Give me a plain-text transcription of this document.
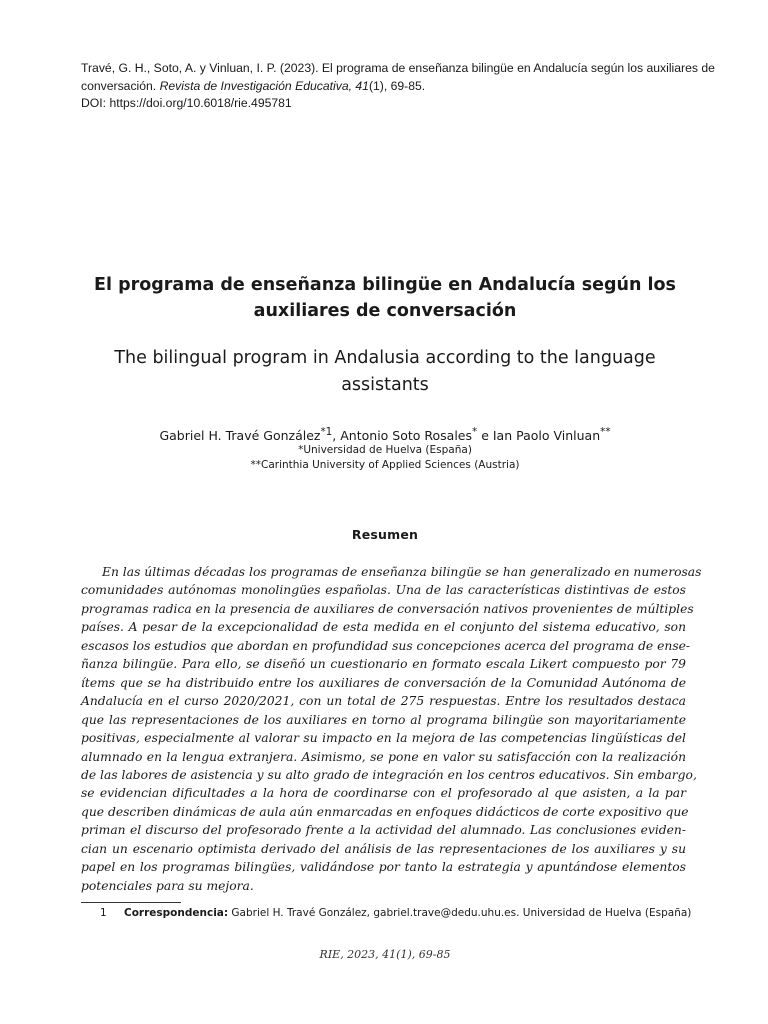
Travé, G. H., Soto, A. y Vinluan, I. P. (2023). El programa de enseñanza bilingüe en Andalucía según los auxiliares de
conversación. Revista de Investigación Educativa, 41(1), 69-85.
DOI: https://doi.org/10.6018/rie.495781
El programa de enseñanza bilingüe en Andalucía según los
auxiliares de conversación
The bilingual program in Andalusia according to the language
assistants
Gabriel H. Travé González$^{*1}$, Antonio Soto Rosales* e Ian Paolo Vinluan**
*Universidad de Huelva (España)
**Carinthia University of Applied Sciences (Austria)
Resumen
En las últimas décadas los programas de enseñanza bilingüe se han generalizado en numerosas
comunidades autónomas monolingües españolas. Una de las características distintivas de estos
programas radica en la presencia de auxiliares de conversación nativos provenientes de múltiples
países. A pesar de la excepcionalidad de esta medida en el conjunto del sistema educativo, son
escasos los estudios que abordan en profundidad sus concepciones acerca del programa de ense-
ñanza bilingüe. Para ello, se diseñó un cuestionario en formato escala Likert compuesto por 79
ítems que se ha distribuido entre los auxiliares de conversación de la Comunidad Autónoma de
Andalucía en el curso 2020/2021, con un total de 275 respuestas. Entre los resultados destaca
que las representaciones de los auxiliares en torno al programa bilingüe son mayoritariamente
positivas, especialmente al valorar su impacto en la mejora de las competencias lingüísticas del
alumnado en la lengua extranjera. Asimismo, se pone en valor su satisfacción con la realización
de las labores de asistencia y su alto grado de integración en los centros educativos. Sin embargo,
se evidencian dificultades a la hora de coordinarse con el profesorado al que asisten, a la par
que describen dinámicas de aula aún enmarcadas en enfoques didácticos de corte expositivo que
priman el discurso del profesorado frente a la actividad del alumnado. Las conclusiones eviden-
cian un escenario optimista derivado del análisis de las representaciones de los auxiliares y su
papel en los programas bilingües, validándose por tanto la estrategia y apuntándose elementos
potenciales para su mejora.
1 Correspondencia: Gabriel H. Travé González, gabriel.trave@dedu.uhu.es. Universidad de Huelva (España)
RIE, 2023, 41(1), 69-85
